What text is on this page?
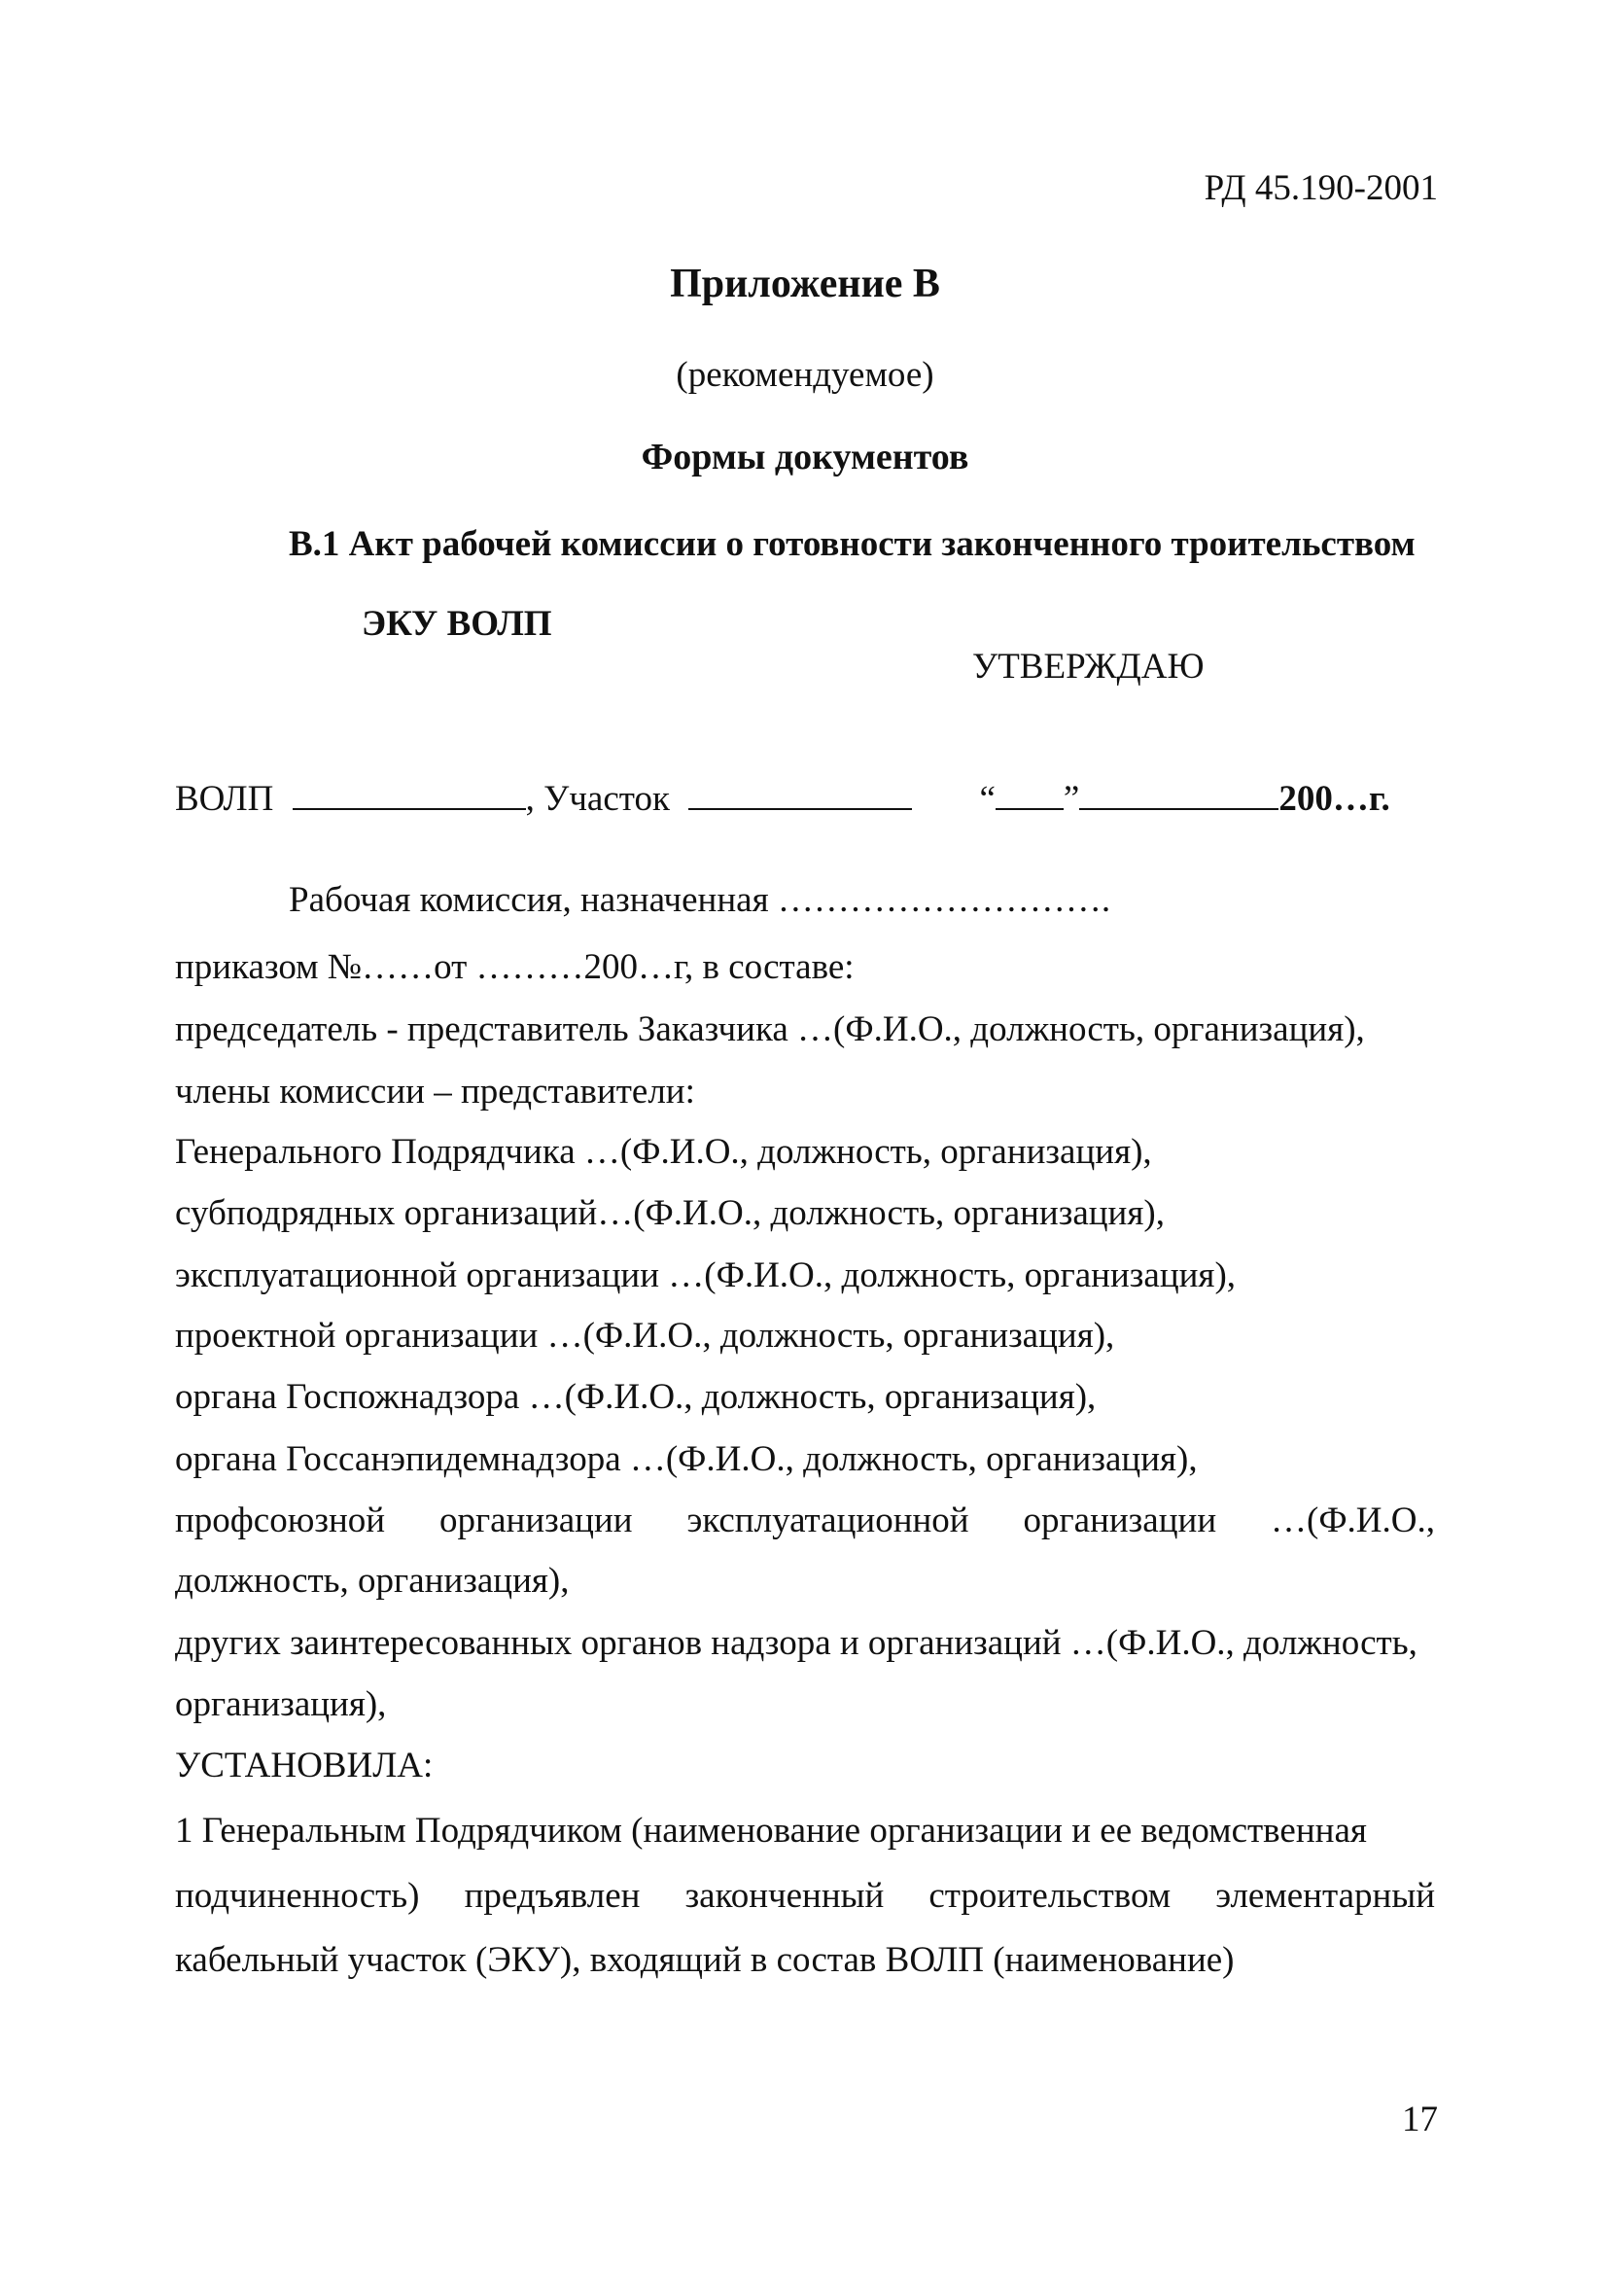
РД 45.190-2001
Приложение В
(рекомендуемое)
Формы документов
В.1 Акт рабочей комиссии о готовности законченного троительством
ЭКУ ВОЛП
УТВЕРЖДАЮ
ВОЛП	, Участок	“ ”	200…г.
Рабочая комиссия, назначенная ……………………….
приказом №……от ………200…г, в составе:
председатель - представитель Заказчика …(Ф.И.О., должность, организация),
члены комиссии – представители:
Генерального Подрядчика …(Ф.И.О., должность, организация),
субподрядных организаций…(Ф.И.О., должность, организация),
эксплуатационной организации …(Ф.И.О., должность, организация),
проектной организации …(Ф.И.О., должность, организация),
органа Госпожнадзора …(Ф.И.О., должность, организация),
органа Госсанэпидемнадзора …(Ф.И.О., должность, организация),
профсоюзной организации эксплуатационной организации …(Ф.И.О.,
должность, организация),
других заинтересованных органов надзора и организаций …(Ф.И.О., должность,
организация),
УСТАНОВИЛА:
1 Генеральным Подрядчиком (наименование организации и ее ведомственная
подчиненность) предъявлен законченный строительством элементарный
кабельный участок (ЭКУ), входящий в состав ВОЛП (наименование)
17
